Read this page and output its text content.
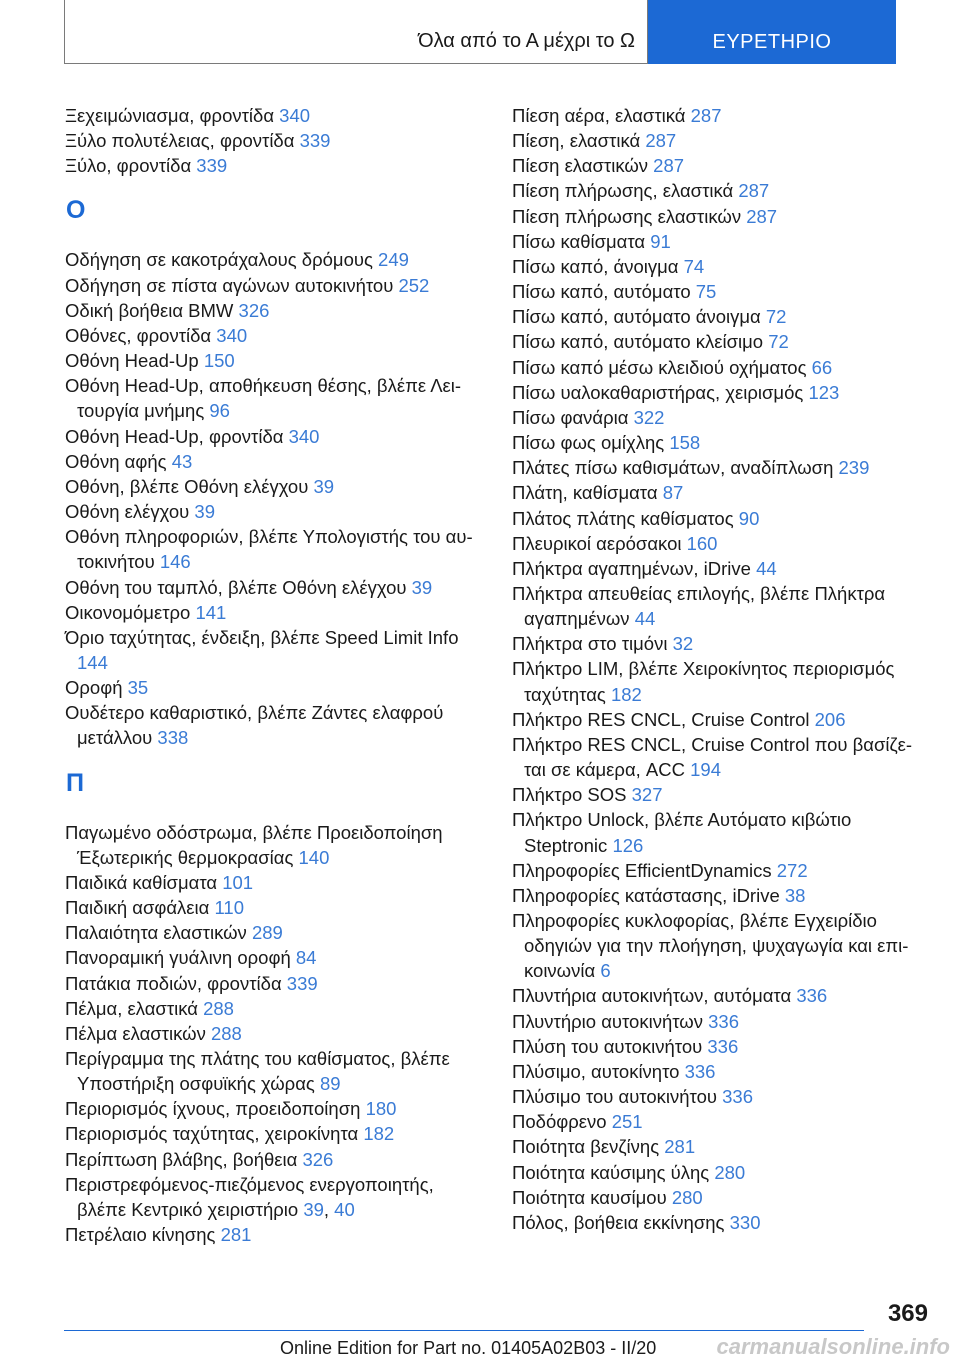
Όλα από το Α μέχρι το Ω	ΕΥΡΕΤΗΡΙΟ
Ξεχειμώνιασμα, φροντίδα 340
Ξύλο πολυτέλειας, φροντίδα 339
Ξύλο, φροντίδα 339
Ο
Οδήγηση σε κακοτράχαλους δρόμους 249
Οδήγηση σε πίστα αγώνων αυτοκινήτου 252
Οδική βοήθεια BMW 326
Οθόνες, φροντίδα 340
Οθόνη Head-Up 150
Οθόνη Head-Up, αποθήκευση θέσης, βλέπε Λει‐τουργία μνήμης 96
Οθόνη Head-Up, φροντίδα 340
Οθόνη αφής 43
Οθόνη, βλέπε Οθόνη ελέγχου 39
Οθόνη ελέγχου 39
Οθόνη πληροφοριών, βλέπε Υπολογιστής του αυ‐τοκινήτου 146
Οθόνη του ταμπλό, βλέπε Οθόνη ελέγχου 39
Οικονομόμετρο 141
Όριο ταχύτητας, ένδειξη, βλέπε Speed Limit Info 144
Οροφή 35
Ουδέτερο καθαριστικό, βλέπε Ζάντες ελαφρού μετάλλου 338
Π
Παγωμένο οδόστρωμα, βλέπε Προειδοποίηση Έξωτερικής θερμοκρασίας 140
Παιδικά καθίσματα 101
Παιδική ασφάλεια 110
Παλαιότητα ελαστικών 289
Πανοραμική γυάλινη οροφή 84
Πατάκια ποδιών, φροντίδα 339
Πέλμα, ελαστικά 288
Πέλμα ελαστικών 288
Περίγραμμα της πλάτης του καθίσματος, βλέπε Υποστήριξη οσφυϊκής χώρας 89
Περιορισμός ίχνους, προειδοποίηση 180
Περιορισμός ταχύτητας, χειροκίνητα 182
Περίπτωση βλάβης, βοήθεια 326
Περιστρεφόμενος-πιεζόμενος ενεργοποιητής, βλέπε Κεντρικό χειριστήριο 39, 40
Πετρέλαιο κίνησης 281
Πίεση αέρα, ελαστικά 287
Πίεση, ελαστικά 287
Πίεση ελαστικών 287
Πίεση πλήρωσης, ελαστικά 287
Πίεση πλήρωσης ελαστικών 287
Πίσω καθίσματα 91
Πίσω καπό, άνοιγμα 74
Πίσω καπό, αυτόματο 75
Πίσω καπό, αυτόματο άνοιγμα 72
Πίσω καπό, αυτόματο κλείσιμο 72
Πίσω καπό μέσω κλειδιού οχήματος 66
Πίσω υαλοκαθαριστήρας, χειρισμός 123
Πίσω φανάρια 322
Πίσω φως ομίχλης 158
Πλάτες πίσω καθισμάτων, αναδίπλωση 239
Πλάτη, καθίσματα 87
Πλάτος πλάτης καθίσματος 90
Πλευρικοί αερόσακοι 160
Πλήκτρα αγαπημένων, iDrive 44
Πλήκτρα απευθείας επιλογής, βλέπε Πλήκτρα αγαπημένων 44
Πλήκτρα στο τιμόνι 32
Πλήκτρο LIM, βλέπε Χειροκίνητος περιορισμός ταχύτητας 182
Πλήκτρο RES CNCL, Cruise Control 206
Πλήκτρο RES CNCL, Cruise Control που βασίζε‐ται σε κάμερα, ACC 194
Πλήκτρο SOS 327
Πλήκτρο Unlock, βλέπε Αυτόματο κιβώτιο Steptronic 126
Πληροφορίες EfficientDynamics 272
Πληροφορίες κατάστασης, iDrive 38
Πληροφορίες κυκλοφορίας, βλέπε Εγχειρίδιο οδηγιών για την πλοήγηση, ψυχαγωγία και επι‐κοινωνία 6
Πλυντήρια αυτοκινήτων, αυτόματα 336
Πλυντήριο αυτοκινήτων 336
Πλύση του αυτοκινήτου 336
Πλύσιμο, αυτοκίνητο 336
Πλύσιμο του αυτοκινήτου 336
Ποδόφρενο 251
Ποιότητα βενζίνης 281
Ποιότητα καύσιμης ύλης 280
Ποιότητα καυσίμου 280
Πόλος, βοήθεια εκκίνησης 330
369
Online Edition for Part no. 01405A02B03 - II/20	carmanualsonline.info
